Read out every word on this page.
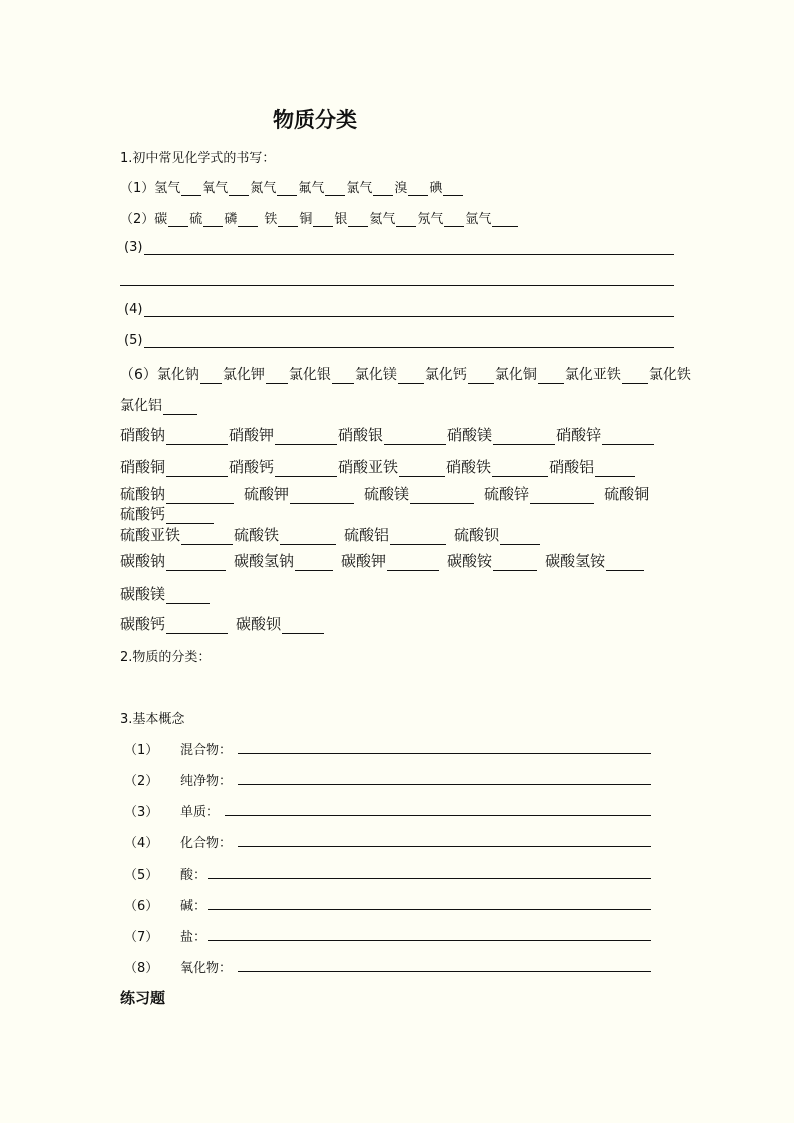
物质分类
1.初中常见化学式的书写：
（1） 氢气 氧气 氮气 氟气 氯气 溴 碘
（2） 碳 硫 磷 铁 铜 银 氦气 氖气 氩气
(3)
(4)
(5)
（6） 氯化钠 氯化钾 氯化银 氯化镁 氯化钙 氯化铜 氯化亚铁 氯化铁
氯化铝
硝酸钠	硝酸钾	硝酸银	硝酸镁	硝酸锌
硝酸铜	硝酸钙	硝酸亚铁	硝酸铁	硝酸铝
硫酸钠	硫酸钾	硫酸镁	硫酸锌	硫酸铜
硫酸钙
硫酸亚铁	硫酸铁	硫酸铝	硫酸钡
碳酸钠	碳酸氢钠	碳酸钾	碳酸铵	碳酸氢铵
碳酸镁
碳酸钙	碳酸钡
2.物质的分类：
3.基本概念
（1） 混合物：
（2） 纯净物：
（3） 单质：
（4） 化合物：
（5） 酸：
（6） 碱：
（7） 盐：
（8） 氧化物：
练习题
